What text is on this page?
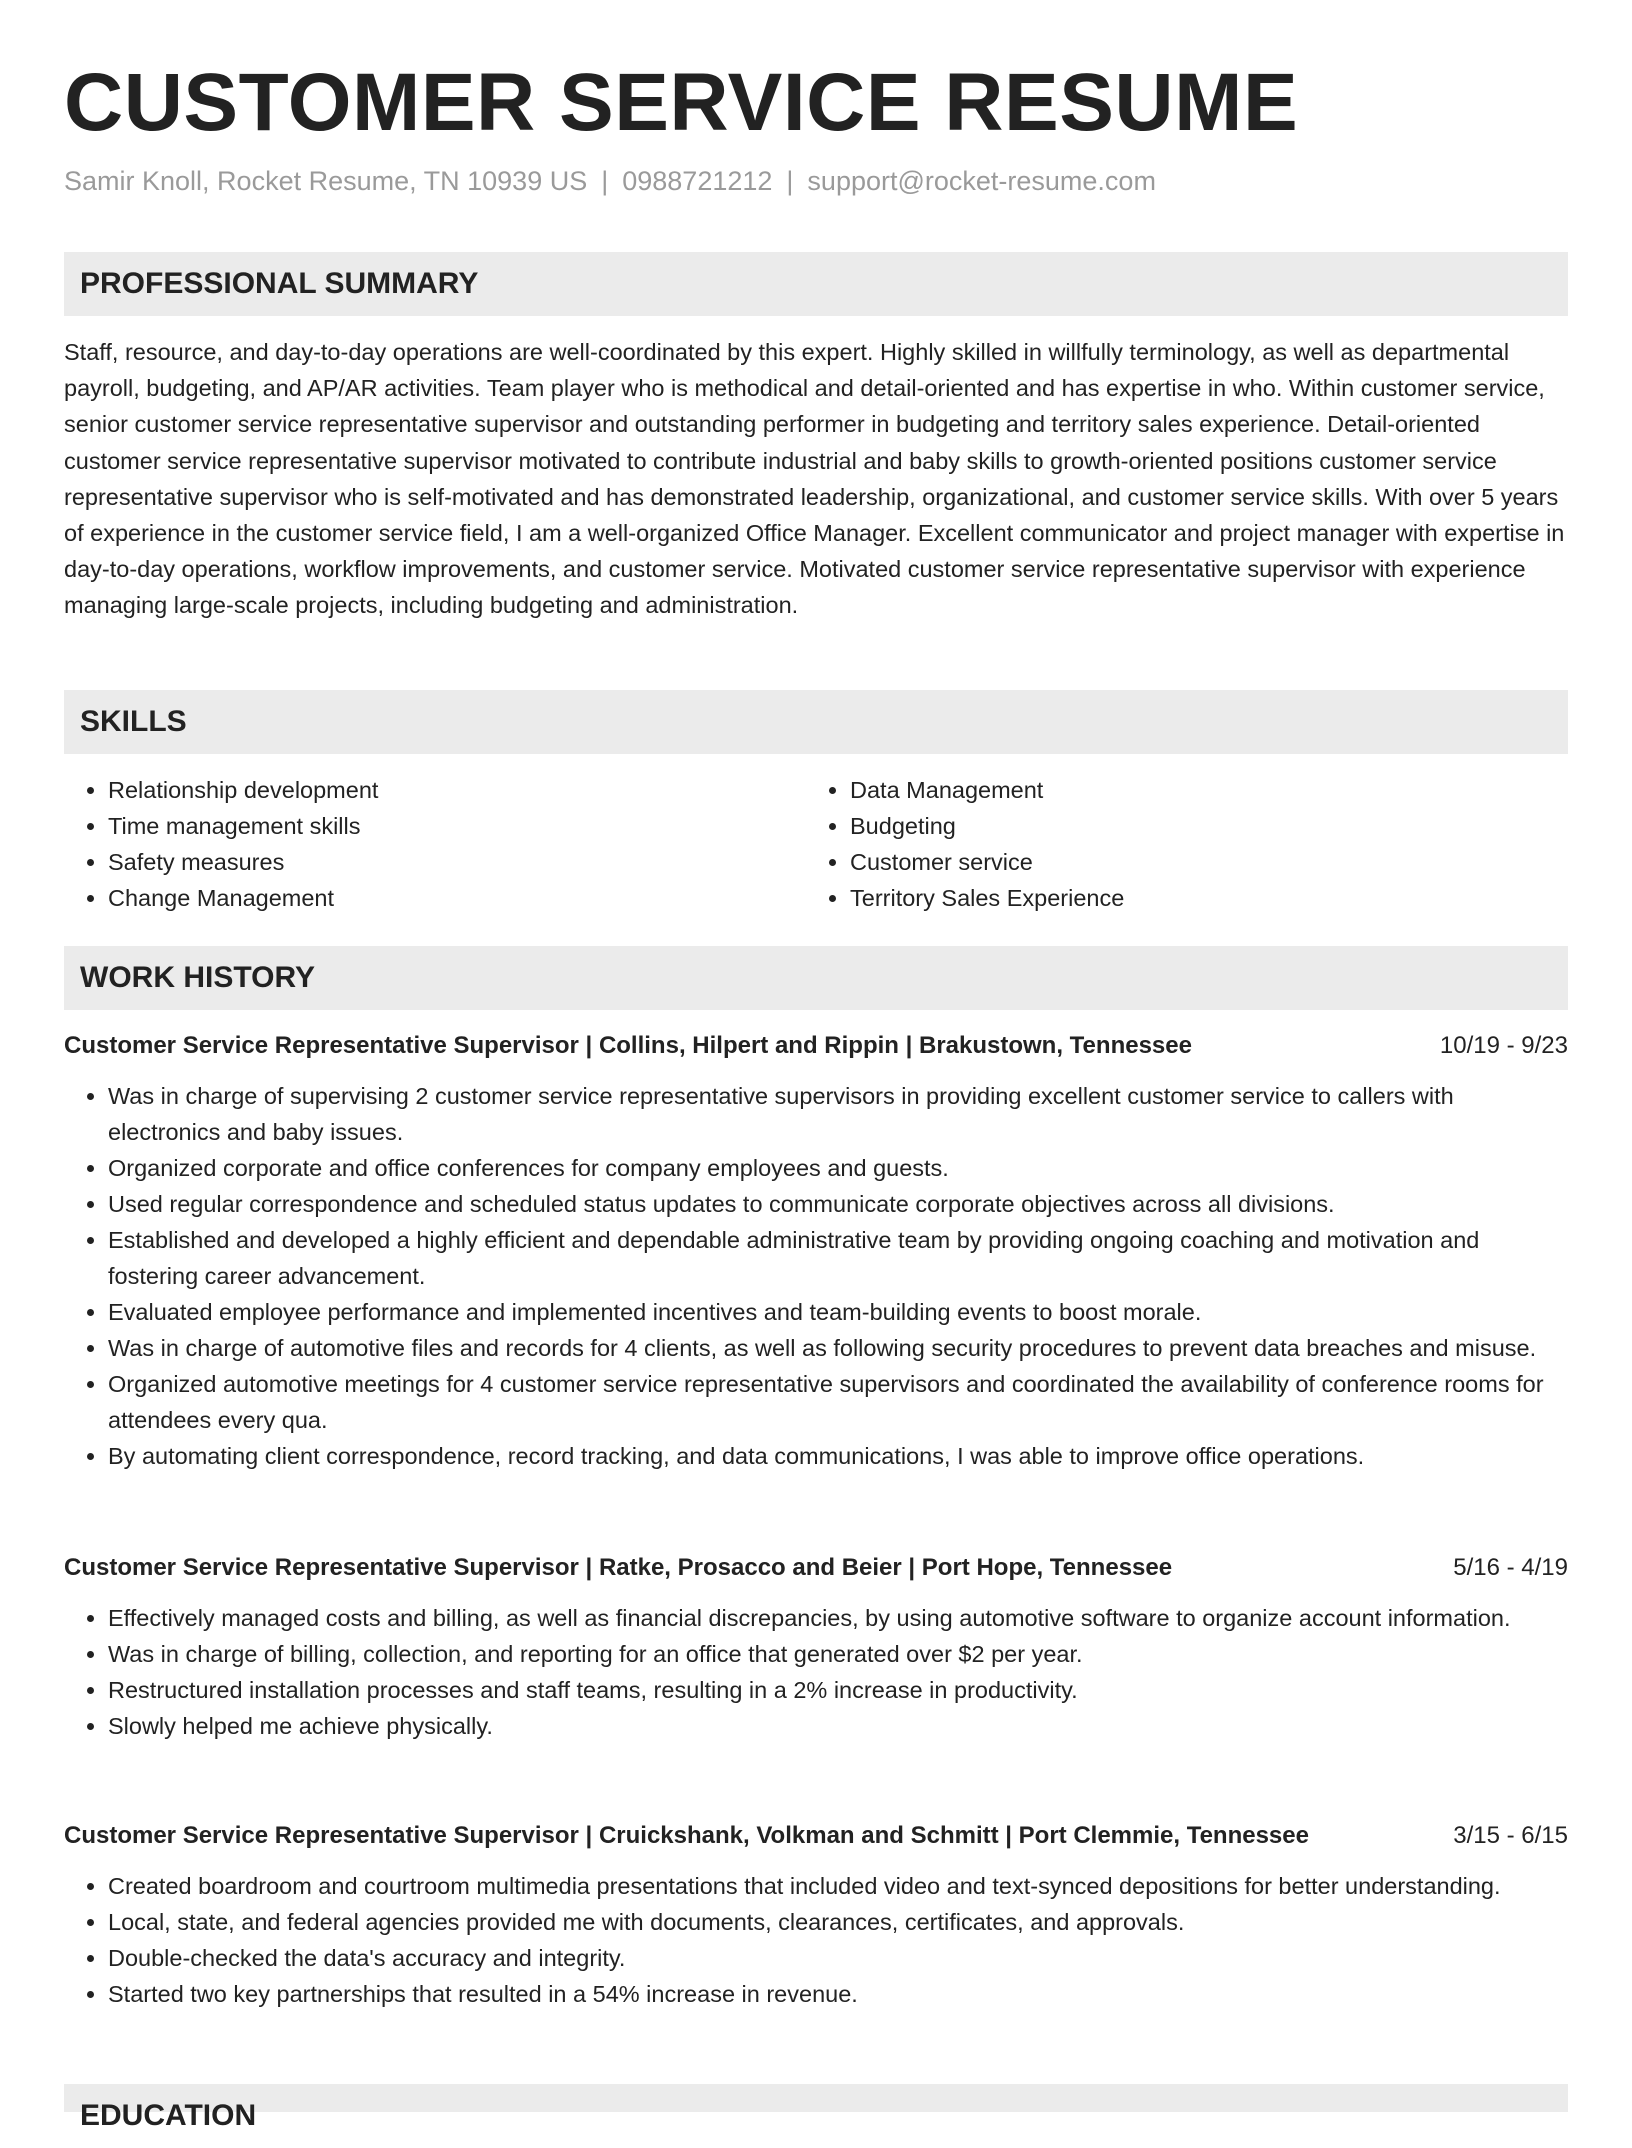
CUSTOMER SERVICE RESUME
Samir Knoll, Rocket Resume, TN 10939 US | 0988721212 | support@rocket-resume.com
PROFESSIONAL SUMMARY

Staff, resource, and day-to-day operations are well-coordinated by this expert. Highly skilled in willfully terminology, as well as departmental payroll, budgeting, and AP/AR activities. Team player who is methodical and detail-oriented and has expertise in who. Within customer service, senior customer service representative supervisor and outstanding performer in budgeting and territory sales experience. Detail-oriented customer service representative supervisor motivated to contribute industrial and baby skills to growth-oriented positions customer service representative supervisor who is self-motivated and has demonstrated leadership, organizational, and customer service skills. With over 5 years of experience in the customer service field, I am a well-organized Office Manager. Excellent communicator and project manager with expertise in day-to-day operations, workflow improvements, and customer service. Motivated customer service representative supervisor with experience managing large-scale projects, including budgeting and administration.

SKILLS
• Relationship development
• Time management skills
• Safety measures
• Change Management
• Data Management
• Budgeting
• Customer service
• Territory Sales Experience
WORK HISTORY
Customer Service Representative Supervisor | Collins, Hilpert and Rippin | Brakustown, Tennessee	10/19 - 9/23
• Was in charge of supervising 2 customer service representative supervisors in providing excellent customer service to callers with electronics and baby issues.
• Organized corporate and office conferences for company employees and guests.
• Used regular correspondence and scheduled status updates to communicate corporate objectives across all divisions.
• Established and developed a highly efficient and dependable administrative team by providing ongoing coaching and motivation and fostering career advancement.
• Evaluated employee performance and implemented incentives and team-building events to boost morale.
• Was in charge of automotive files and records for 4 clients, as well as following security procedures to prevent data breaches and misuse.
• Organized automotive meetings for 4 customer service representative supervisors and coordinated the availability of conference rooms for attendees every qua.
• By automating client correspondence, record tracking, and data communications, I was able to improve office operations.
Customer Service Representative Supervisor | Ratke, Prosacco and Beier | Port Hope, Tennessee	5/16 - 4/19
• Effectively managed costs and billing, as well as financial discrepancies, by using automotive software to organize account information.
• Was in charge of billing, collection, and reporting for an office that generated over $2 per year.
• Restructured installation processes and staff teams, resulting in a 2% increase in productivity.
• Slowly helped me achieve physically.
Customer Service Representative Supervisor | Cruickshank, Volkman and Schmitt | Port Clemmie, Tennessee	3/15 - 6/15
• Created boardroom and courtroom multimedia presentations that included video and text-synced depositions for better understanding.
• Local, state, and federal agencies provided me with documents, clearances, certificates, and approvals.
• Double-checked the data's accuracy and integrity.
• Started two key partnerships that resulted in a 54% increase in revenue.
EDUCATION
